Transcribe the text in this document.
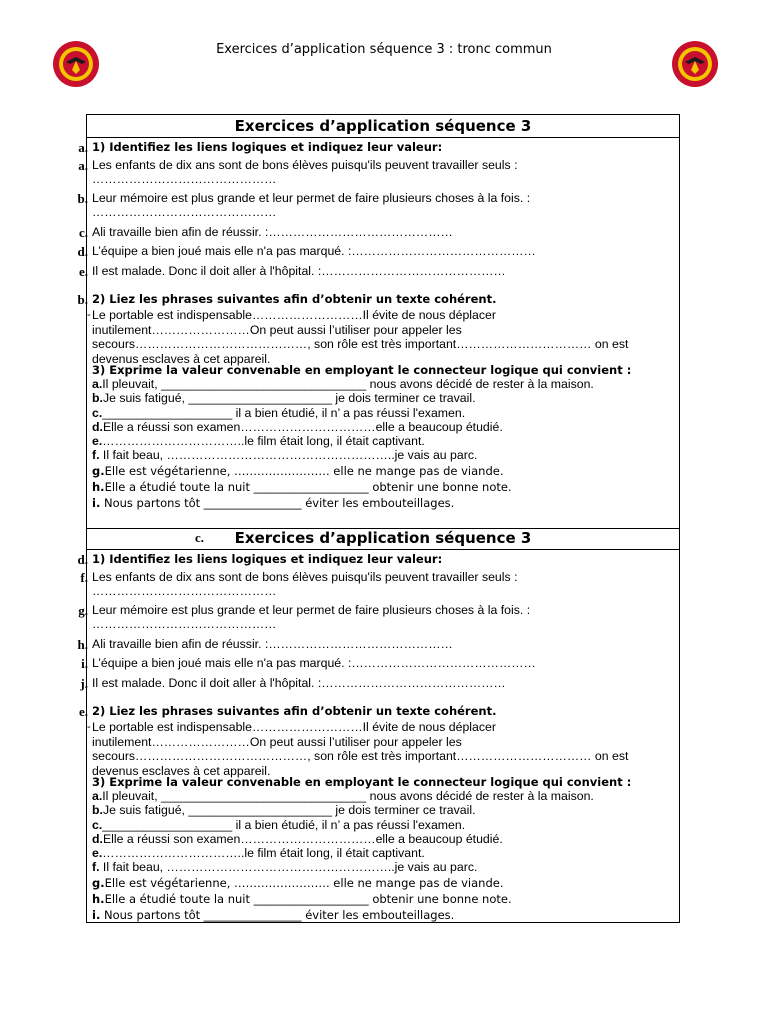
Exercices d’application séquence 3 : tronc commun
Exercices d’application séquence 3
a. 1) Identifiez les liens logiques et indiquez leur valeur:
a. Les enfants de dix ans sont de bons élèves puisqu'ils peuvent travailler seuls :
………………………………………
b. Leur mémoire est plus grande et leur permet de faire plusieurs choses à la fois. :
………………………………………
c. Ali travaille bien afin de réussir. :………………………………………
d. L’équipe a bien joué mais elle n'a pas marqué. :………………………………………
e. Il est malade. Donc il doit aller à l'hôpital. :………………………………………
b. 2) Liez les phrases suivantes afin d’obtenir un texte cohérent.
- Le portable est indispensable………………………Il évite de nous déplacer
inutilement……………………On peut aussi l’utiliser pour appeler les
secours……………………………………, son rôle est très important…………………………… on est
devenus esclaves à cet appareil.
3) Exprime la valeur convenable en employant le connecteur logique qui convient :
a.Il pleuvait, ______________________________ nous avons décidé de rester à la maison.
b.Je suis fatigué, _____________________ je dois terminer ce travail.
c.___________________ il a bien étudié, il n’ a pas réussi l'examen.
d.Elle a réussi son examen……………………………elle a beaucoup étudié.
e.……………………………..le film était long, il était captivant.
f. Il fait beau, ………………………………………………..je vais au parc.
g.Elle est végétarienne, ……………………. elle ne mange pas de viande.
h.Elle a étudié toute la nuit ____________________ obtenir une bonne note.
i. Nous partons tôt _________________ éviter les embouteillages.
c. Exercices d’application séquence 3
d. 1) Identifiez les liens logiques et indiquez leur valeur:
f. Les enfants de dix ans sont de bons élèves puisqu'ils peuvent travailler seuls :
………………………………………
g. Leur mémoire est plus grande et leur permet de faire plusieurs choses à la fois. :
………………………………………
h. Ali travaille bien afin de réussir. :………………………………………
i. L’équipe a bien joué mais elle n'a pas marqué. :………………………………………
j. Il est malade. Donc il doit aller à l'hôpital. :………………………………………
e. 2) Liez les phrases suivantes afin d’obtenir un texte cohérent.
- Le portable est indispensable………………………Il évite de nous déplacer
inutilement……………………On peut aussi l’utiliser pour appeler les
secours……………………………………, son rôle est très important…………………………… on est
devenus esclaves à cet appareil.
3) Exprime la valeur convenable en employant le connecteur logique qui convient :
a.Il pleuvait, ______________________________ nous avons décidé de rester à la maison.
b.Je suis fatigué, _____________________ je dois terminer ce travail.
c.___________________ il a bien étudié, il n’ a pas réussi l'examen.
d.Elle a réussi son examen……………………………elle a beaucoup étudié.
e.……………………………..le film était long, il était captivant.
f. Il fait beau, ………………………………………………..je vais au parc.
g.Elle est végétarienne, ……………………. elle ne mange pas de viande.
h.Elle a étudié toute la nuit ____________________ obtenir une bonne note.
i. Nous partons tôt _________________ éviter les embouteillages.
